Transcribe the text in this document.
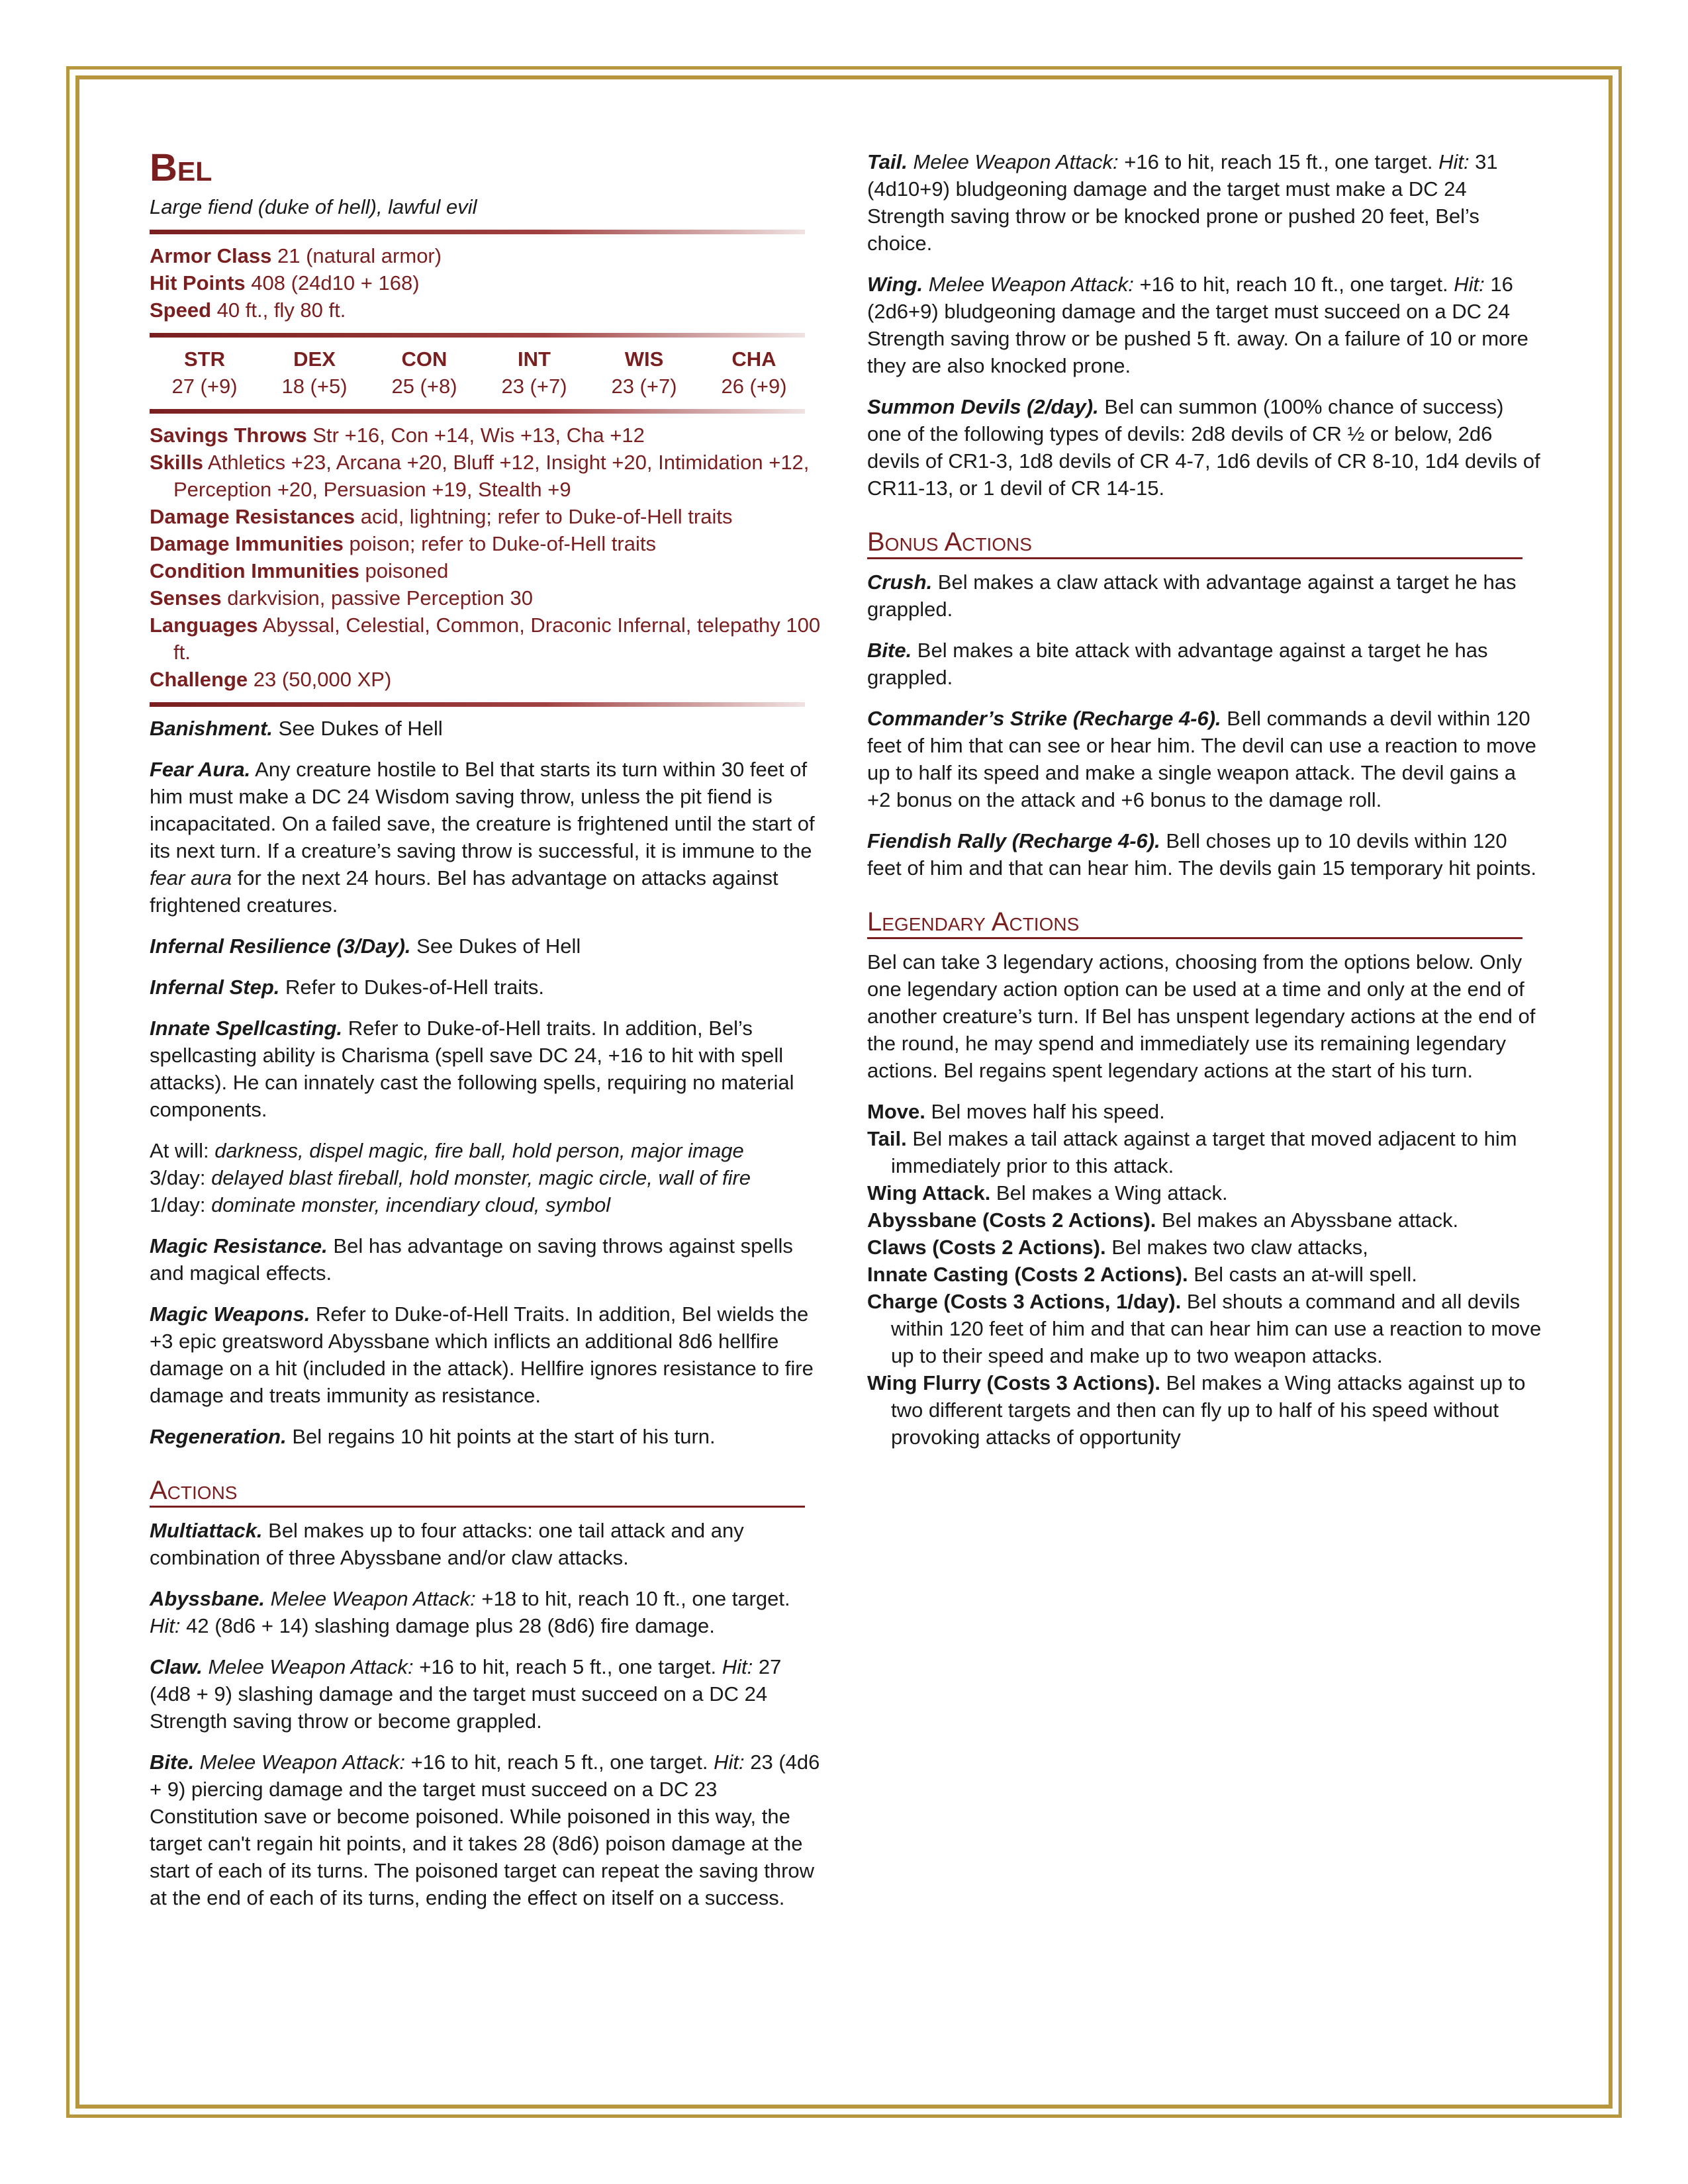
Bel
Large fiend (duke of hell), lawful evil

Armor Class 21 (natural armor)

Hit Points 408 (24d10 + 168)

Speed 40 ft., fly 80 ft.

STR	DEX	CON	INT	WIS	CHA
27 (+9)	18 (+5)	25 (+8)	23 (+7)	23 (+7)	26 (+9)

Savings Throws Str +16, Con +14, Wis +13, Cha +12

Skills Athletics +23, Arcana +20, Bluff +12, Insight +20, Intimidation +12, Perception +20, Persuasion +19, Stealth +9

Damage Resistances acid, lightning; refer to Duke-of-Hell traits

Damage Immunities poison; refer to Duke-of-Hell traits

Condition Immunities poisoned

Senses darkvision, passive Perception 30

Languages Abyssal, Celestial, Common, Draconic Infernal, telepathy 100 ft.

Challenge 23 (50,000 XP)

Banishment. See Dukes of Hell

Fear Aura. Any creature hostile to Bel that starts its turn within 30 feet of him must make a DC 24 Wisdom saving throw, unless the pit fiend is incapacitated. On a failed save, the creature is frightened until the start of its next turn. If a creature’s saving throw is successful, it is immune to the fear aura for the next 24 hours. Bel has advantage on attacks against frightened creatures.

Infernal Resilience (3/Day). See Dukes of Hell

Infernal Step. Refer to Dukes-of-Hell traits.

Innate Spellcasting. Refer to Duke-of-Hell traits. In addition, Bel’s spellcasting ability is Charisma (spell save DC 24, +16 to hit with spell attacks). He can innately cast the following spells, requiring no material components.

At will: darkness, dispel magic, fire ball, hold person, major image

3/day: delayed blast fireball, hold monster, magic circle, wall of fire

1/day: dominate monster, incendiary cloud, symbol

Magic Resistance. Bel has advantage on saving throws against spells and magical effects.

Magic Weapons. Refer to Duke-of-Hell Traits. In addition, Bel wields the +3 epic greatsword Abyssbane which inflicts an additional 8d6 hellfire damage on a hit (included in the attack). Hellfire ignores resistance to fire damage and treats immunity as resistance.

Regeneration. Bel regains 10 hit points at the start of his turn.

Actions

Multiattack. Bel makes up to four attacks: one tail attack and any combination of three Abyssbane and/or claw attacks.

Abyssbane. Melee Weapon Attack: +18 to hit, reach 10 ft., one target. Hit: 42 (8d6 + 14) slashing damage plus 28 (8d6) fire damage.

Claw. Melee Weapon Attack: +16 to hit, reach 5 ft., one target. Hit: 27 (4d8 + 9) slashing damage and the target must succeed on a DC 24 Strength saving throw or become grappled.

Bite. Melee Weapon Attack: +16 to hit, reach 5 ft., one target. Hit: 23 (4d6 + 9) piercing damage and the target must succeed on a DC 23 Constitution save or become poisoned. While poisoned in this way, the target can't regain hit points, and it takes 28 (8d6) poison damage at the start of each of its turns. The poisoned target can repeat the saving throw at the end of each of its turns, ending the effect on itself on a success.

Tail. Melee Weapon Attack: +16 to hit, reach 15 ft., one target. Hit: 31 (4d10+9) bludgeoning damage and the target must make a DC 24 Strength saving throw or be knocked prone or pushed 20 feet, Bel’s choice.

Wing. Melee Weapon Attack: +16 to hit, reach 10 ft., one target. Hit: 16 (2d6+9) bludgeoning damage and the target must succeed on a DC 24 Strength saving throw or be pushed 5 ft. away. On a failure of 10 or more they are also knocked prone.

Summon Devils (2/day). Bel can summon (100% chance of success) one of the following types of devils: 2d8 devils of CR ½ or below, 2d6 devils of CR1-3, 1d8 devils of CR 4-7, 1d6 devils of CR 8-10, 1d4 devils of CR11-13, or 1 devil of CR 14-15.

Bonus Actions

Crush. Bel makes a claw attack with advantage against a target he has grappled.

Bite. Bel makes a bite attack with advantage against a target he has grappled.

Commander’s Strike (Recharge 4-6). Bell commands a devil within 120 feet of him that can see or hear him. The devil can use a reaction to move up to half its speed and make a single weapon attack. The devil gains a +2 bonus on the attack and +6 bonus to the damage roll.

Fiendish Rally (Recharge 4-6). Bell choses up to 10 devils within 120 feet of him and that can hear him. The devils gain 15 temporary hit points.

Legendary Actions

Bel can take 3 legendary actions, choosing from the options below. Only one legendary action option can be used at a time and only at the end of another creature’s turn. If Bel has unspent legendary actions at the end of the round, he may spend and immediately use its remaining legendary actions. Bel regains spent legendary actions at the start of his turn.

Move. Bel moves half his speed.

Tail. Bel makes a tail attack against a target that moved adjacent to him immediately prior to this attack.

Wing Attack. Bel makes a Wing attack.

Abyssbane (Costs 2 Actions). Bel makes an Abyssbane attack.

Claws (Costs 2 Actions). Bel makes two claw attacks,

Innate Casting (Costs 2 Actions). Bel casts an at-will spell.

Charge (Costs 3 Actions, 1/day). Bel shouts a command and all devils within 120 feet of him and that can hear him can use a reaction to move up to their speed and make up to two weapon attacks.

Wing Flurry (Costs 3 Actions). Bel makes a Wing attacks against up to two different targets and then can fly up to half of his speed without provoking attacks of opportunity
